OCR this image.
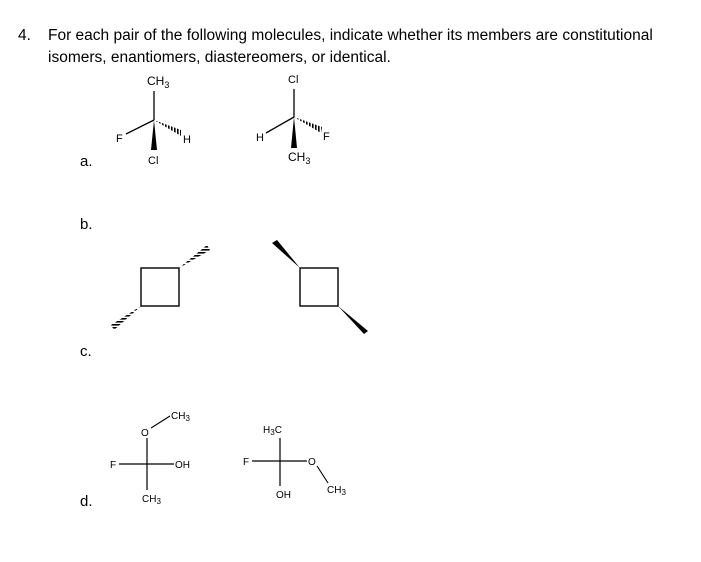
4. For each pair of the following molecules, indicate whether its members are constitutional
isomers, enantiomers, diastereomers, or identical.
a.
b.
c.
d.
$CH_3$
F	H
Cl
Cl
H	F
$CH_3$
$CH_3$
O
F	OH
$CH_3$
$H_3C$
F	O
$CH_3$
OH
